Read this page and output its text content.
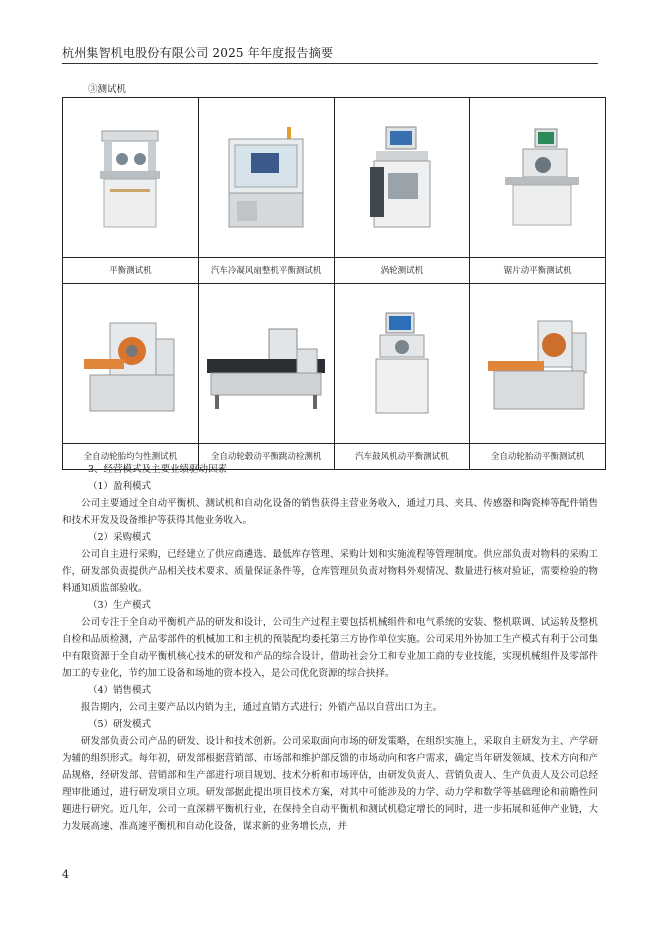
杭州集智机电股份有限公司 2025 年年度报告摘要
③测试机

平衡测试机	汽车冷凝风扇整机平衡测试机	涡轮测试机	锯片动平衡测试机

全自动轮胎均匀性测试机	全自动轮毂动平衡跳动检测机	汽车鼓风机动平衡测试机	全自动轮胎动平衡测试机

3、经营模式及主要业绩驱动因素

（1）盈利模式

公司主要通过全自动平衡机、测试机和自动化设备的销售获得主营业务收入，通过刀具、夹具、传感器和陶瓷棒等配件销售和技术开发及设备维护等获得其他业务收入。

（2）采购模式

公司自主进行采购，已经建立了供应商遴选、最低库存管理、采购计划和实施流程等管理制度。供应部负责对物料的采购工作，研发部负责提供产品相关技术要求、质量保证条件等，仓库管理员负责对物料外观情况、数量进行核对验证，需要检验的物料通知质监部验收。

（3）生产模式

公司专注于全自动平衡机产品的研发和设计，公司生产过程主要包括机械组件和电气系统的安装、整机联调、试运转及整机自检和品质检测，产品零部件的机械加工和主机的预装配均委托第三方协作单位实施。公司采用外协加工生产模式有利于公司集中有限资源于全自动平衡机核心技术的研发和产品的综合设计，借助社会分工和专业加工商的专业技能，实现机械组件及零部件加工的专业化，节约加工设备和场地的资本投入，是公司优化资源的综合抉择。

（4）销售模式

报告期内，公司主要产品以内销为主，通过直销方式进行；外销产品以自营出口为主。

（5）研发模式

研发部负责公司产品的研发、设计和技术创新。公司采取面向市场的研发策略，在组织实施上，采取自主研发为主、产学研为辅的组织形式。每年初，研发部根据营销部、市场部和维护部反馈的市场动向和客户需求，确定当年研发领域、技术方向和产品规格，经研发部、营销部和生产部进行项目规划、技术分析和市场评估，由研发负责人、营销负责人、生产负责人及公司总经理审批通过，进行研发项目立项。研发部据此提出项目技术方案，对其中可能涉及的力学、动力学和数学等基础理论和前瞻性问题进行研究。近几年，公司一直深耕平衡机行业，在保持全自动平衡机和测试机稳定增长的同时，进一步拓展和延伸产业链，大力发展高速、准高速平衡机和自动化设备，谋求新的业务增长点，并

4
